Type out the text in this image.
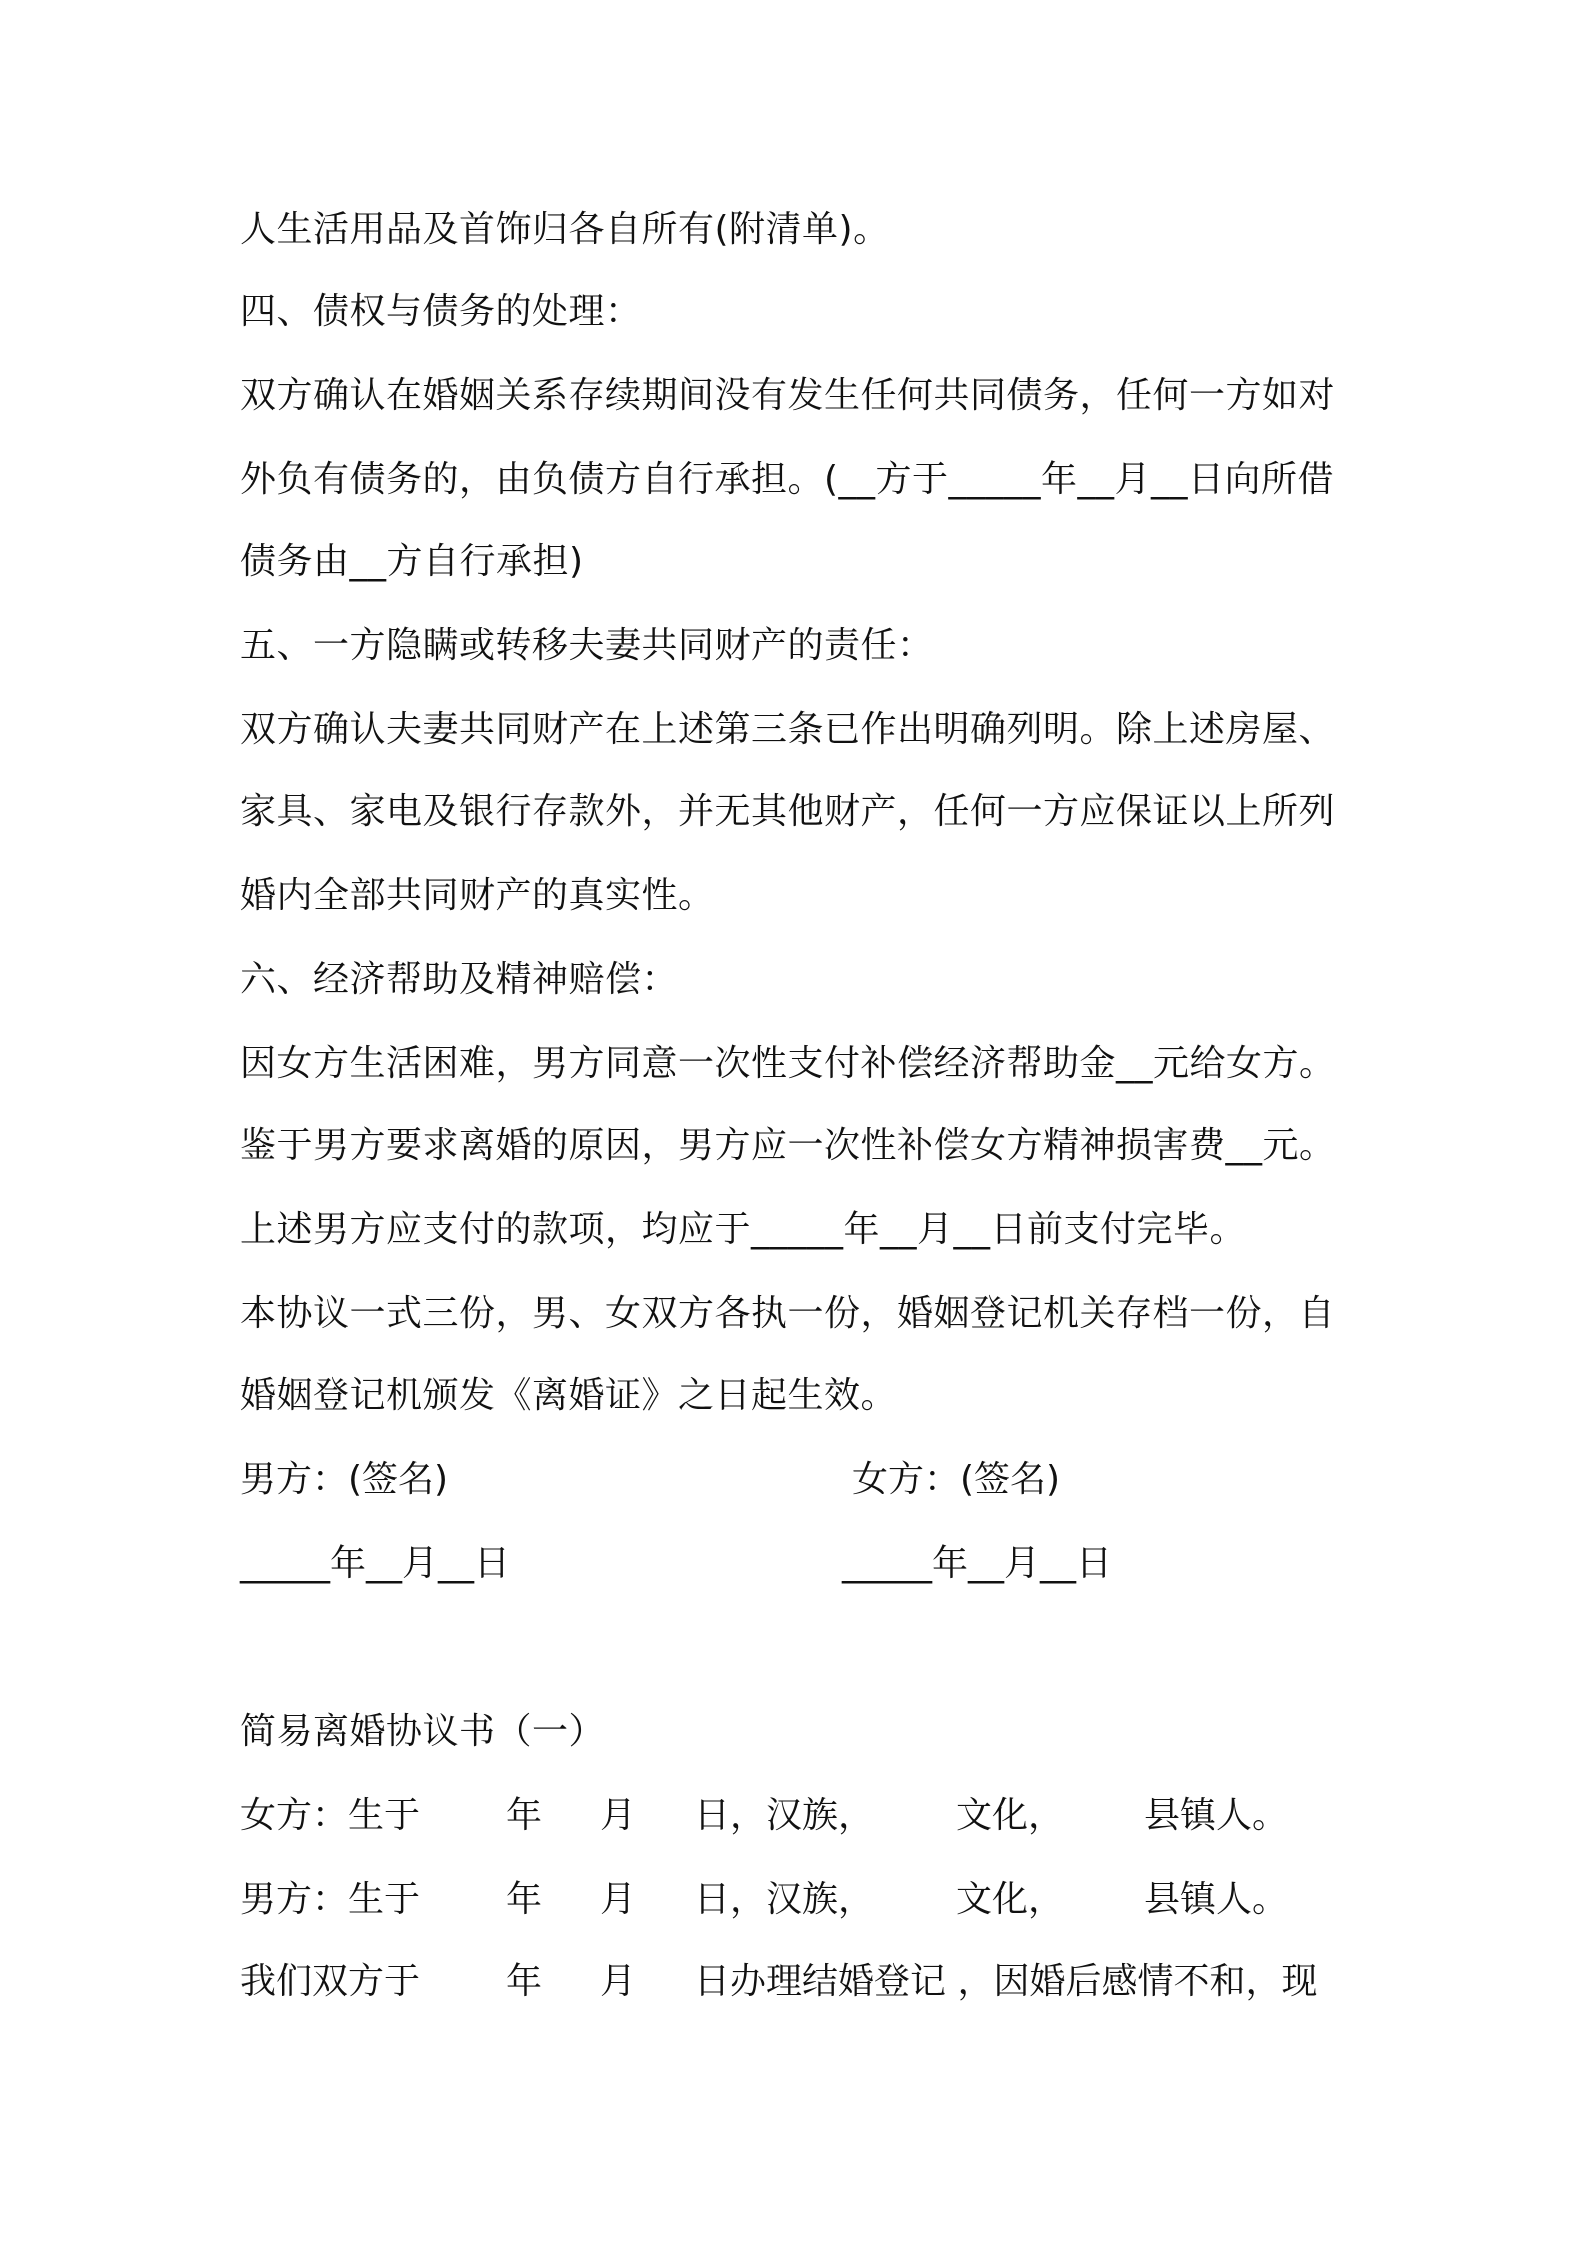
人生活用品及首饰归各自所有(附清单)。
四、债权与债务的处理：
双方确认在婚姻关系存续期间没有发生任何共同债务，任何一方如对
外负有债务的，由负债方自行承担。(__方于_____年__月__日向所借
债务由__方自行承担)
五、一方隐瞒或转移夫妻共同财产的责任：
双方确认夫妻共同财产在上述第三条已作出明确列明。除上述房屋、
家具、家电及银行存款外，并无其他财产，任何一方应保证以上所列
婚内全部共同财产的真实性。
六、经济帮助及精神赔偿：
因女方生活困难，男方同意一次性支付补偿经济帮助金__元给女方。
鉴于男方要求离婚的原因，男方应一次性补偿女方精神损害费__元。
上述男方应支付的款项，均应于_____年__月__日前支付完毕。
本协议一式三份，男、女双方各执一份，婚姻登记机关存档一份，自
婚姻登记机颁发《离婚证》之日起生效。
男方：(签名)	女方：(签名)
_____年__月__日	_____年__月__日
简易离婚协议书（一）
女方：生于 年 月 日，汉族， 文化， 县镇人。
男方：生于 年 月 日，汉族， 文化， 县镇人。
我们双方于 年 月 日办理结婚登记 ，因婚后感情不和，现
